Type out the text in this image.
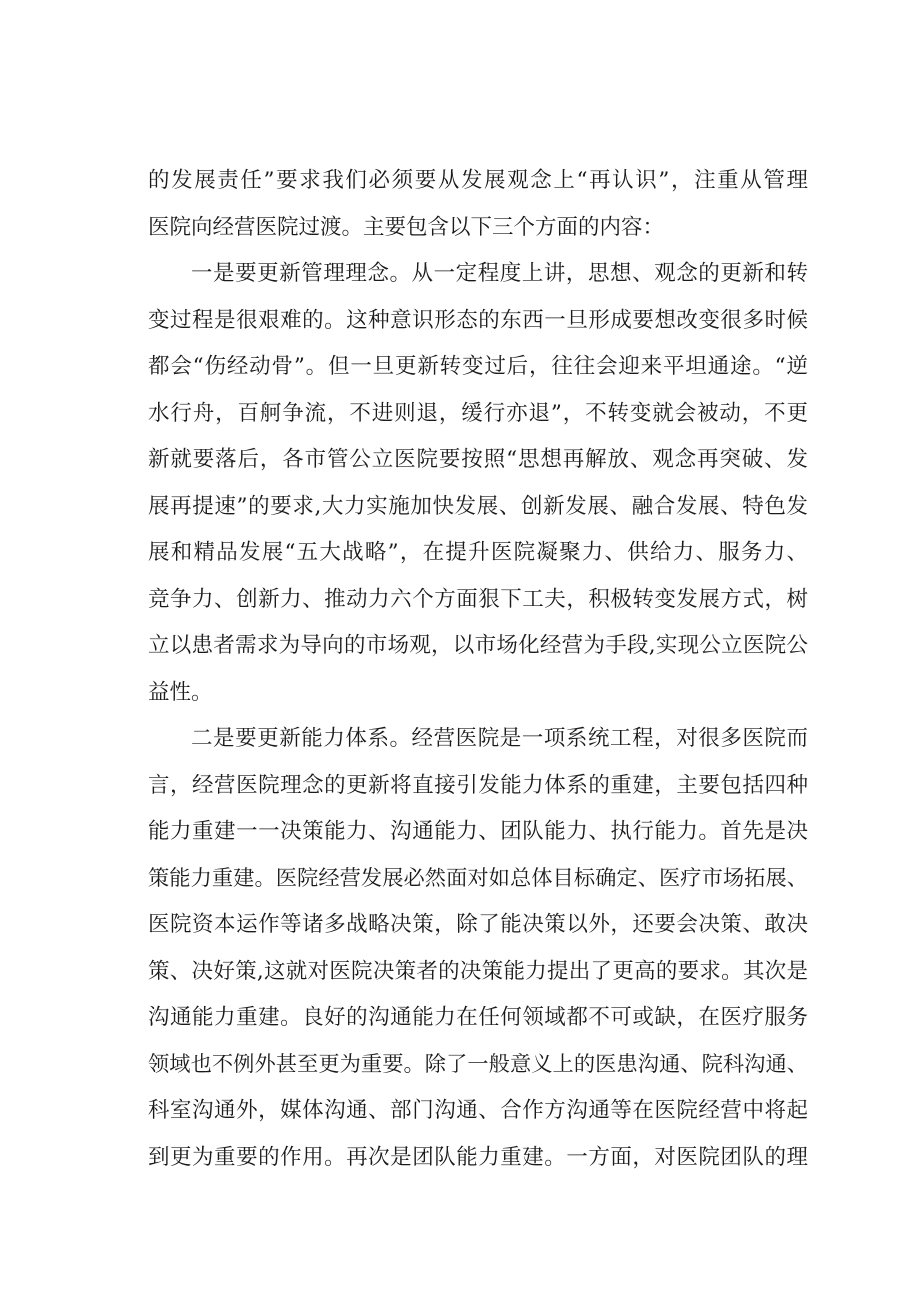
的发展责任”要求我们必须要从发展观念上“再认识”，注重从管理
医院向经营医院过渡。主要包含以下三个方面的内容：
一是要更新管理理念。从一定程度上讲，思想、观念的更新和转
变过程是很艰难的。这种意识形态的东西一旦形成要想改变很多时候
都会“伤经动骨”。但一旦更新转变过后，往往会迎来平坦通途。“逆
水行舟，百舸争流，不进则退，缓行亦退”，不转变就会被动，不更
新就要落后，各市管公立医院要按照“思想再解放、观念再突破、发
展再提速”的要求,大力实施加快发展、创新发展、融合发展、特色发
展和精品发展“五大战略”，在提升医院凝聚力、供给力、服务力、
竞争力、创新力、推动力六个方面狠下工夫，积极转变发展方式，树
立以患者需求为导向的市场观，以市场化经营为手段,实现公立医院公
益性。
二是要更新能力体系。经营医院是一项系统工程，对很多医院而
言，经营医院理念的更新将直接引发能力体系的重建，主要包括四种
能力重建一一决策能力、沟通能力、团队能力、执行能力。首先是决
策能力重建。医院经营发展必然面对如总体目标确定、医疗市场拓展、
医院资本运作等诸多战略决策，除了能决策以外，还要会决策、敢决
策、决好策,这就对医院决策者的决策能力提出了更高的要求。其次是
沟通能力重建。良好的沟通能力在任何领域都不可或缺，在医疗服务
领域也不例外甚至更为重要。除了一般意义上的医患沟通、院科沟通、
科室沟通外，媒体沟通、部门沟通、合作方沟通等在医院经营中将起
到更为重要的作用。再次是团队能力重建。一方面，对医院团队的理
